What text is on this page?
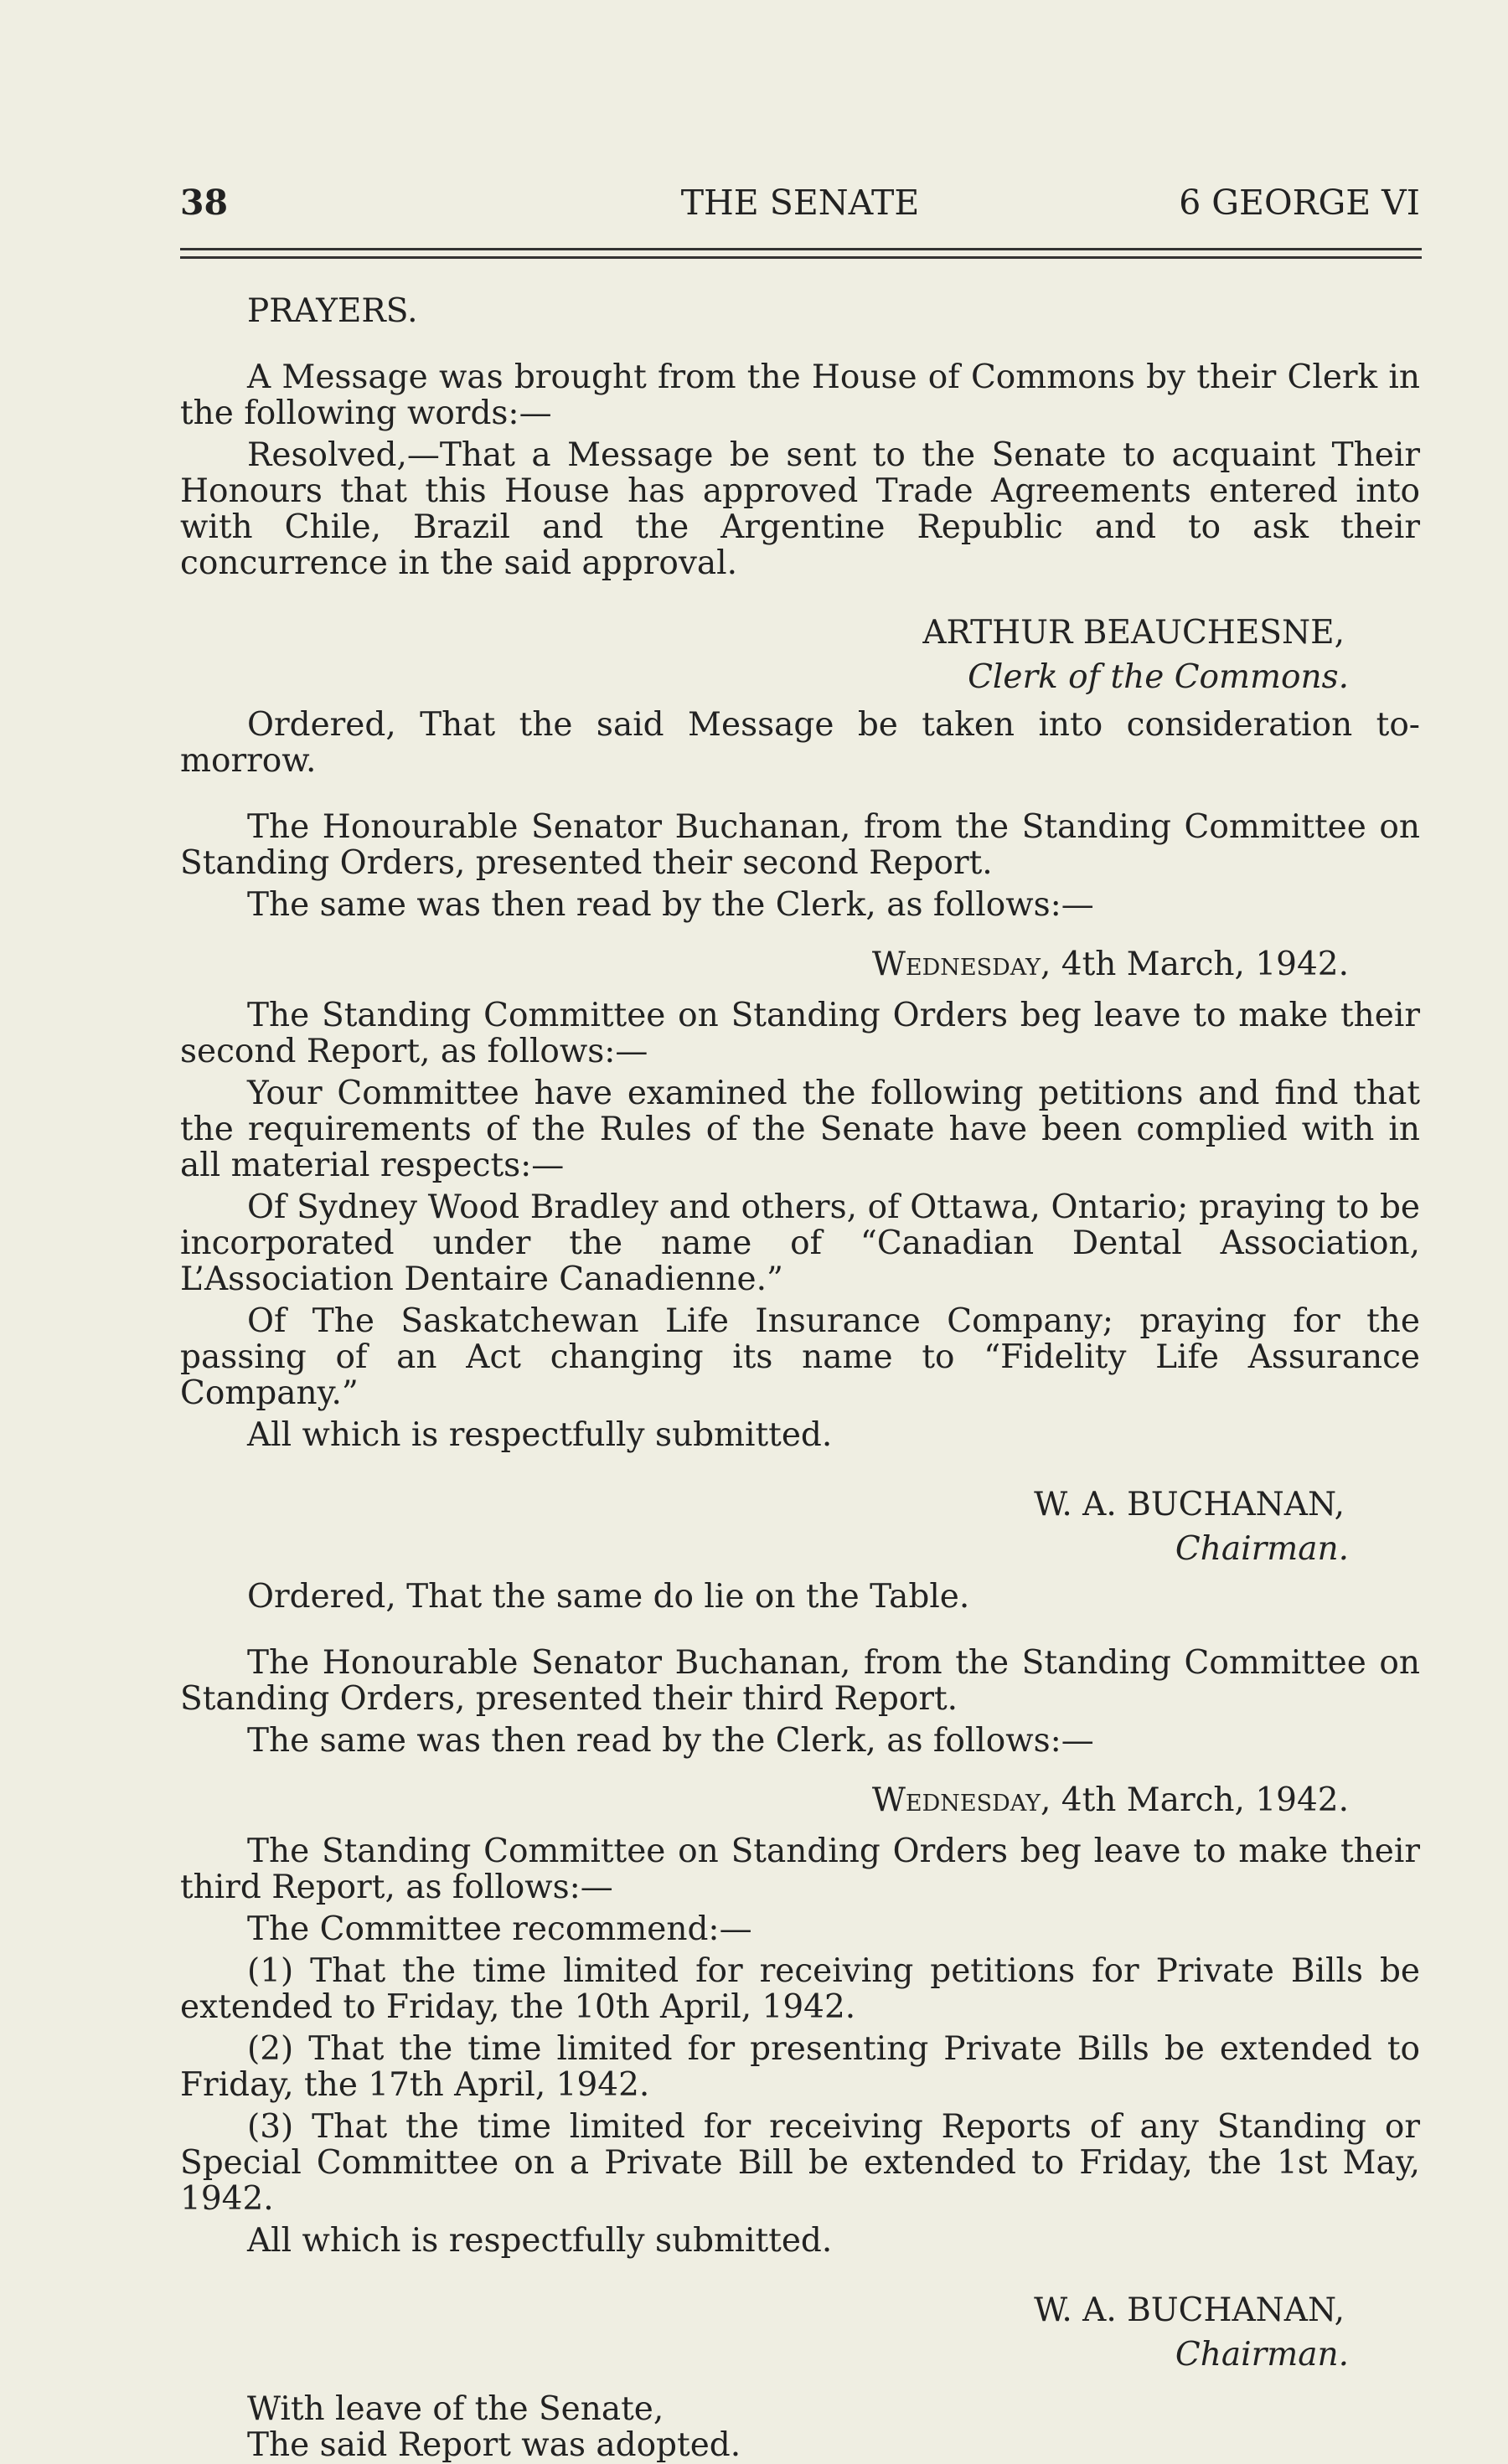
38	THE SENATE	6 GEORGE VI

PRAYERS.

A Message was brought from the House of Commons by their Clerk in the following words:—

Resolved,—That a Message be sent to the Senate to acquaint Their Honours that this House has approved Trade Agreements entered into with Chile, Brazil and the Argentine Republic and to ask their concurrence in the said approval.

ARTHUR BEAUCHESNE,

Clerk of the Commons.

Ordered, That the said Message be taken into consideration to-morrow.

The Honourable Senator Buchanan, from the Standing Committee on Standing Orders, presented their second Report.

The same was then read by the Clerk, as follows:—

Wednesday, 4th March, 1942.

The Standing Committee on Standing Orders beg leave to make their second Report, as follows:—

Your Committee have examined the following petitions and find that the requirements of the Rules of the Senate have been complied with in all material respects:—

Of Sydney Wood Bradley and others, of Ottawa, Ontario; praying to be incorporated under the name of “Canadian Dental Association, L’Association Dentaire Canadienne.”

Of The Saskatchewan Life Insurance Company; praying for the passing of an Act changing its name to “Fidelity Life Assurance Company.”

All which is respectfully submitted.

W. A. BUCHANAN,

Chairman.

Ordered, That the same do lie on the Table.

The Honourable Senator Buchanan, from the Standing Committee on Standing Orders, presented their third Report.

The same was then read by the Clerk, as follows:—

Wednesday, 4th March, 1942.

The Standing Committee on Standing Orders beg leave to make their third Report, as follows:—

The Committee recommend:—

(1) That the time limited for receiving petitions for Private Bills be extended to Friday, the 10th April, 1942.

(2) That the time limited for presenting Private Bills be extended to Friday, the 17th April, 1942.

(3) That the time limited for receiving Reports of any Standing or Special Committee on a Private Bill be extended to Friday, the 1st May, 1942.

All which is respectfully submitted.

W. A. BUCHANAN,

Chairman.

With leave of the Senate,

The said Report was adopted.
